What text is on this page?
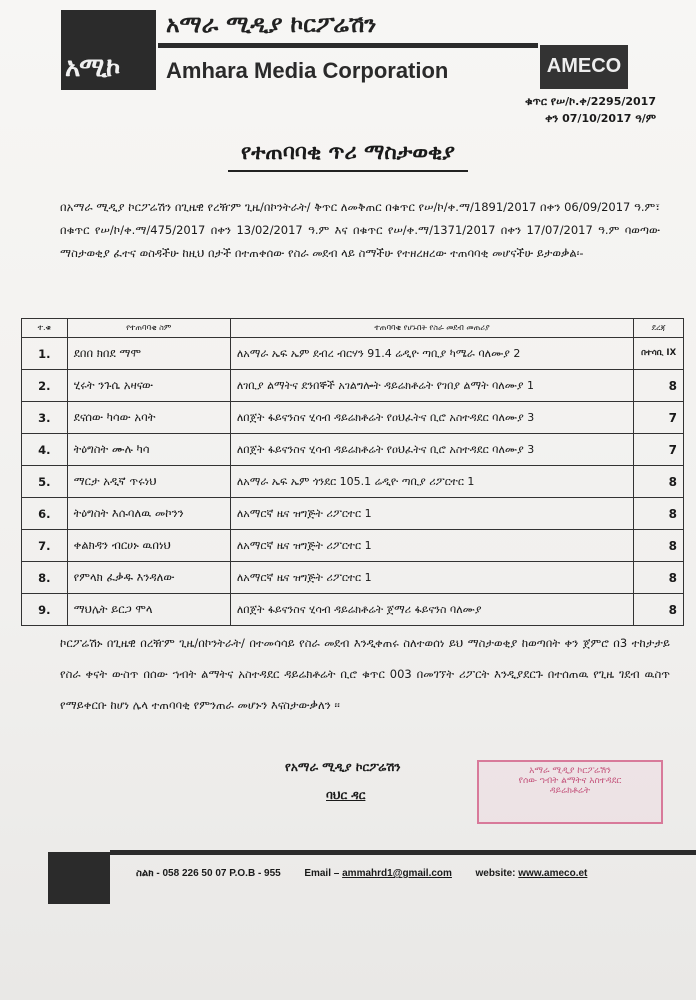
አሚኮ
አማራ ሚዲያ ኮርፖሬሽን
Amhara Media Corporation	AMECO
ቁጥር የሠ/ኮ.ቀ/2295/2017
ቀን 07/10/2017 ዓ/ም
የተጠባባቂ ጥሪ ማስታወቂያ
በአማራ ሚዲያ ኮርፖሬሽን በጊዜዊ የረዥም ጊዜ/በኮንትራት/ ቅጥር ለመቅጠር በቁጥር የሠ/ኮ/ቀ.ማ/1891/2017 በቀን 06/09/2017 ዓ.ም፣ በቁጥር የሠ/ኮ/ቀ.ማ/475/2017 በቀን 13/02/2017 ዓ.ም እና በቁጥር የሠ/ቀ.ማ/1371/2017 በቀን 17/07/2017 ዓ.ም ባወጣው ማስታወቂያ ፈተና ወስዳችሁ ከዚህ በታች በተጠቀሰው የስራ መደብ ላይ ስማችሁ የተዘረዘረው ተጠባባቂ መሆናችሁ ይታወቃል፡-
ተ.ቁ	የተጠባባቂ ስም	ተጠባባቂ የሆኑበት የስራ መደብ መጠሪያ	ደረጃ
1.	ደበበ ክበደ ማሞ	ለአማራ ኤፍ ኤም ደብረ ብርሃን 91.4 ሬዲዮ ጣቢያ ካሜራ ባለሙያ 2	በተሳቢ IX
2.	ሂሩት ንጉሴ አዛናው	ለገቢያ ልማትና ደንበኞች አገልግሎት ዳይሬክቶሬት የገበያ ልማት ባለሙያ 1	8
3.	ደናሰው ካሳው አባት	ለበጀት ፋይናንስና ሂሳብ ዳይሬክቶሬት የዐህፈትና ቢሮ አስተዳደር ባለሙያ 3	7
4.	ትዕግስት ሙሉ ካሳ	ለበጀት ፋይናንስና ሂሳብ ዳይሬክቶሬት የዐህፈትና ቢሮ አስተዳደር ባለሙያ 3	7
5.	ማርታ አዲኛ ጥሩነህ	ለአማራ ኤፍ ኤም ጎንደር 105.1 ሬዲዮ ጣቢያ ሪፖርተር 1	8
6.	ትዕግስት እሱባለዉ መኮንን	ለአማርኛ ዜና ዝግጅት ሪፖርተር 1	8
7.	ቀልክዳን ብርሀኑ ዉበነህ	ለአማርኛ ዜና ዝግጅት ሪፖርተር 1	8
8.	የምላክ ፈቃዱ እንዳለው	ለአማርኛ ዜና ዝግጅት ሪፖርተር 1	8
9.	ማህሌት ይርጋ ሞላ	ለበጀት ፋይናንስና ሂሳብ ዳይሬክቶሬት ጀማሪ ፋይናንስ ባለሙያ	8
ኮርፖሬሽኑ በጊዜዊ በረዥም ጊዜ/በኮንትራት/ በተመሳሳይ የስራ መደብ እንዲቀጠሩ ስለተወሰነ ይህ ማስታወቂያ ከወጣበት ቀን ጀምሮ በ3 ተከታታይ የስራ ቀናት ውስጥ በሰው ኀብት ልማትና አስተዳደር ዳይሬክቶሬት ቢሮ ቁጥር 003 በመገኘት ሪፖርት እንዲያደርጉ በተሰጠዉ የጊዜ ገደብ ዉስጥ የማይቀርቡ ከሆነ ሌላ ተጠባባቂ የምንጠራ መሆኑን እናስታውቃለን ፡፡
የአማራ ሚዲያ ኮርፖሬሽን
ባህር ዳር
አማራ ሚዲያ ኮርፖሬሽን
የሰው ኀብት ልማትና አስተዳደር
ዳይሬክቶሬት
ስልክ - 058 226 50 07 P.O.B - 955 Email – ammahrd1@gmail.com website: www.ameco.et
